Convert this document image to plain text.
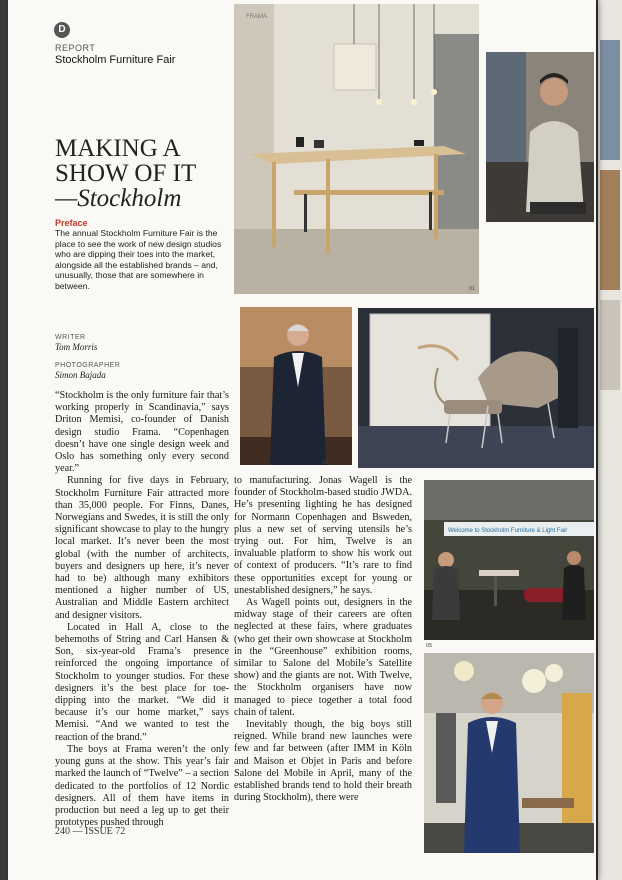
D
REPORT
Stockholm Furniture Fair
MAKING A
SHOW OF IT
—Stockholm
Preface
The annual Stockholm Furniture Fair is the place to see the work of new design studios who are dipping their toes into the market, alongside all the established brands – and, unusually, those that are somewhere in between.
WRITER
Tom Morris
PHOTOGRAPHER
Simon Bajada

“Stockholm is the only furniture fair that’s working properly in Scandinavia,” says Driton Memisi, co-founder of Danish design studio Frama. “Copenhagen doesn’t have one single design week and Oslo has something only every second year.”

Running for five days in February, Stockholm Furniture Fair attracted more than 35,000 people. For Finns, Danes, Norwegians and Swedes, it is still the only significant showcase to play to the hungry local market. It’s never been the most global (with the number of architects, buyers and designers up here, it’s never had to be) although many exhibitors mentioned a higher number of US, Australian and Middle Eastern architect and designer visitors.

Located in Hall A, close to the behemoths of String and Carl Hansen & Son, six-year-old Frama’s presence reinforced the ongoing importance of Stockholm to younger studios. For these designers it’s the best place for toe-dipping into the market. “We did it because it’s our home market,” says Memisi. “And we wanted to test the reaction of the brand.”

The boys at Frama weren’t the only young guns at the show. This year’s fair marked the launch of “Twelve” – a section dedicated to the portfolios of 12 Nordic designers. All of them have items in production but need a leg up to get their prototypes pushed through

to manufacturing. Jonas Wagell is the founder of Stockholm-based studio JWDA. He’s presenting lighting he has designed for Normann Copenhagen and Bsweden, plus a new set of serving utensils he’s trying out. For him, Twelve is an invaluable platform to show his work out of context of producers. “It’s rare to find these opportunities except for young or unestablished designers,” he says.

As Wagell points out, designers in the midway stage of their careers are often neglected at these fairs, where graduates (who get their own showcase at Stockholm in the “Greenhouse” exhibition rooms, similar to Salone del Mobile’s Satellite show) and the giants are not. With Twelve, the Stockholm organisers have now managed to piece together a total food chain of talent.

Inevitably though, the big boys still reigned. While brand new launches were few and far between (after IMM in Köln and Maison et Objet in Paris and before Salone del Mobile in April, many of the established brands tend to hold their breath during Stockholm), there were

240 — ISSUE 72
FRAMA
01
02
03	04
Welcome to Stockholm Furniture & Light Fair
05
06
